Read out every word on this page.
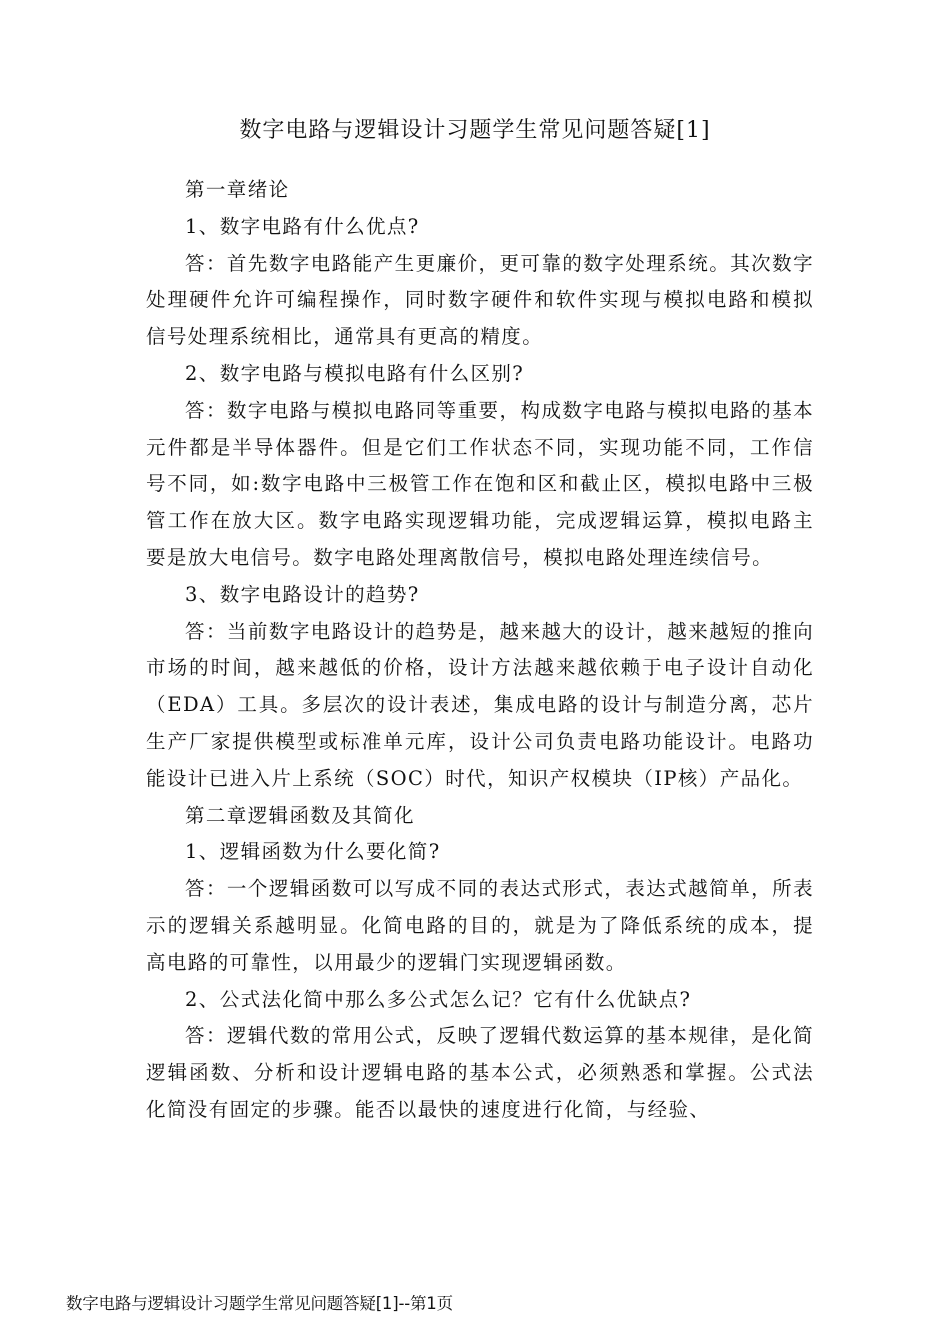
数字电路与逻辑设计习题学生常见问题答疑[1]

第一章绪论

1、数字电路有什么优点?

答：首先数字电路能产生更廉价，更可靠的数字处理系统。其次数字处理硬件允许可编程操作，同时数字硬件和软件实现与模拟电路和模拟信号处理系统相比，通常具有更高的精度。

2、数字电路与模拟电路有什么区别?

答：数字电路与模拟电路同等重要，构成数字电路与模拟电路的基本元件都是半导体器件。但是它们工作状态不同，实现功能不同，工作信号不同，如:数字电路中三极管工作在饱和区和截止区，模拟电路中三极管工作在放大区。数字电路实现逻辑功能，完成逻辑运算，模拟电路主要是放大电信号。数字电路处理离散信号，模拟电路处理连续信号。

3、数字电路设计的趋势?

答：当前数字电路设计的趋势是，越来越大的设计，越来越短的推向市场的时间，越来越低的价格，设计方法越来越依赖于电子设计自动化（EDA）工具。多层次的设计表述，集成电路的设计与制造分离，芯片生产厂家提供模型或标准单元库，设计公司负责电路功能设计。电路功能设计已进入片上系统（SOC）时代，知识产权模块（IP核）产品化。

第二章逻辑函数及其简化

1、逻辑函数为什么要化简?

答：一个逻辑函数可以写成不同的表达式形式，表达式越简单，所表示的逻辑关系越明显。化简电路的目的，就是为了降低系统的成本，提高电路的可靠性，以用最少的逻辑门实现逻辑函数。

2、公式法化简中那么多公式怎么记？它有什么优缺点?

答：逻辑代数的常用公式，反映了逻辑代数运算的基本规律，是化简逻辑函数、分析和设计逻辑电路的基本公式，必须熟悉和掌握。公式法化简没有固定的步骤。能否以最快的速度进行化简，与经验、

数字电路与逻辑设计习题学生常见问题答疑[1]--第1页
